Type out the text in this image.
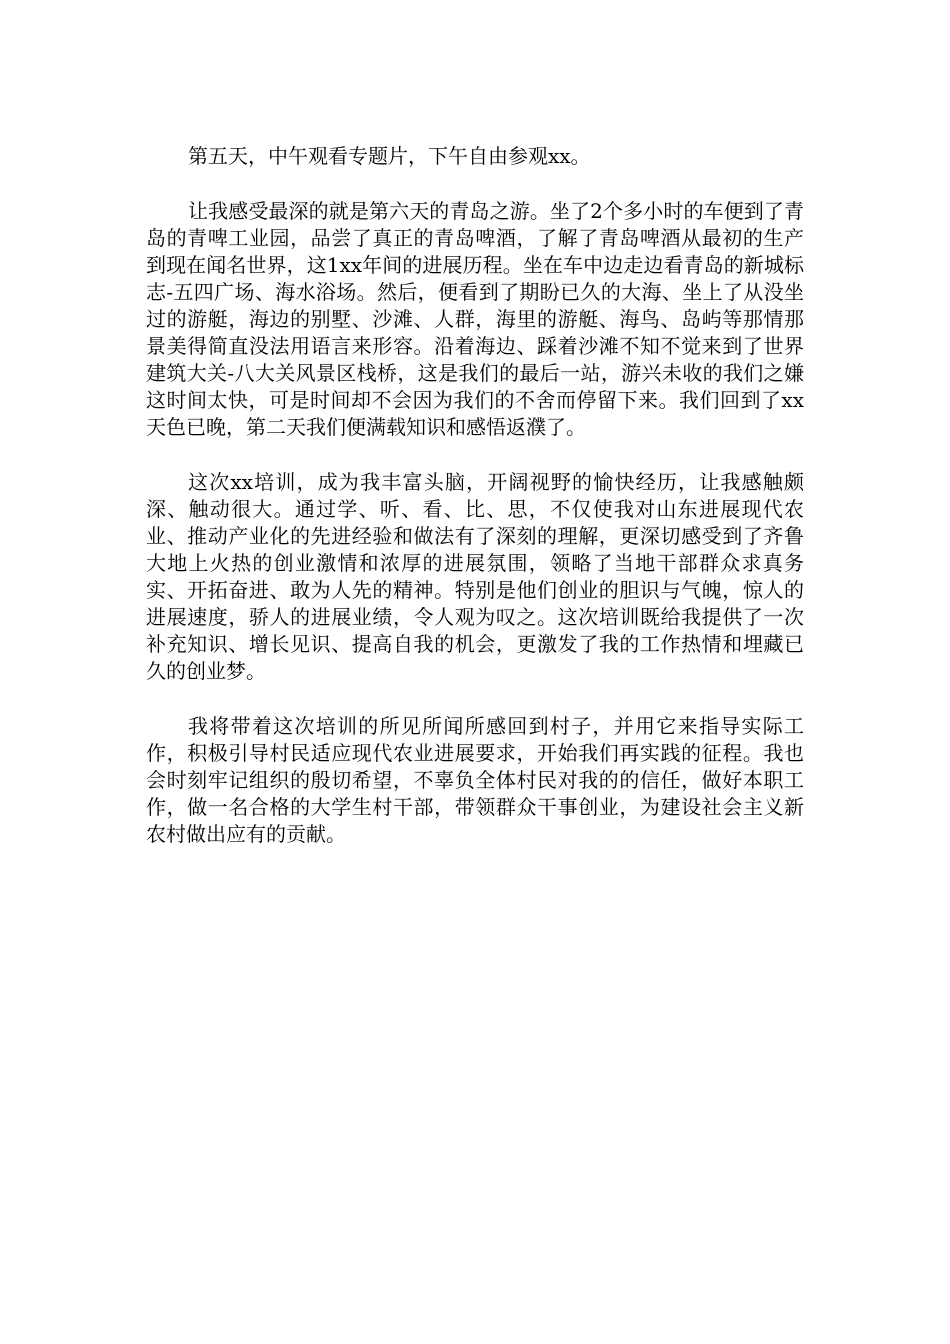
第五天，中午观看专题片，下午自由参观xx。

让我感受最深的就是第六天的青岛之游。坐了2个多小时的车便到了青岛的青啤工业园，品尝了真正的青岛啤酒，了解了青岛啤酒从最初的生产到现在闻名世界，这1xx年间的进展历程。坐在车中边走边看青岛的新城标志-五四广场、海水浴场。然后，便看到了期盼已久的大海、坐上了从没坐过的游艇，海边的别墅、沙滩、人群，海里的游艇、海鸟、岛屿等那情那景美得简直没法用语言来形容。沿着海边、踩着沙滩不知不觉来到了世界建筑大关-八大关风景区栈桥，这是我们的最后一站，游兴未收的我们之嫌这时间太快，可是时间却不会因为我们的不舍而停留下来。我们回到了xx天色已晚，第二天我们便满载知识和感悟返濮了。

这次xx培训，成为我丰富头脑，开阔视野的愉快经历，让我感触颇深、触动很大。通过学、听、看、比、思，不仅使我对山东进展现代农业、推动产业化的先进经验和做法有了深刻的理解，更深切感受到了齐鲁大地上火热的创业激情和浓厚的进展氛围，领略了当地干部群众求真务实、开拓奋进、敢为人先的精神。特别是他们创业的胆识与气魄，惊人的进展速度，骄人的进展业绩，令人观为叹之。这次培训既给我提供了一次补充知识、增长见识、提高自我的机会，更激发了我的工作热情和埋藏已久的创业梦。

我将带着这次培训的所见所闻所感回到村子，并用它来指导实际工作，积极引导村民适应现代农业进展要求，开始我们再实践的征程。我也会时刻牢记组织的殷切希望，不辜负全体村民对我的的信任，做好本职工作，做一名合格的大学生村干部，带领群众干事创业，为建设社会主义新农村做出应有的贡献。
